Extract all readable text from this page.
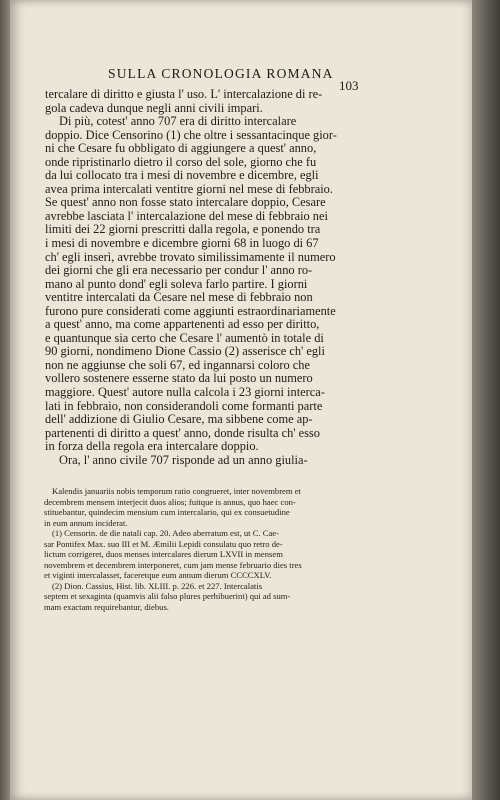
SULLA CRONOLOGIA ROMANA
103
tercalare di diritto e giusta l' uso. L' intercalazione di re-
gola cadeva dunque negli anni civili impari.
Di più, cotest' anno 707 era di diritto intercalare
doppio. Dice Censorino (1) che oltre i sessantacinque gior-
ni che Cesare fu obbligato di aggiungere a quest' anno,
onde ripristinarlo dietro il corso del sole, giorno che fu
da lui collocato tra i mesi di novembre e dicembre, egli
avea prima intercalati ventitre giorni nel mese di febbraio.
Se quest' anno non fosse stato intercalare doppio, Cesare
avrebbe lasciata l' intercalazione del mese di febbraio nei
limiti dei 22 giorni prescritti dalla regola, e ponendo tra
i mesi di novembre e dicembre giorni 68 in luogo di 67
ch' egli inserì, avrebbe trovato similissimamente il numero
dei giorni che gli era necessario per condur l' anno ro-
mano al punto dond' egli soleva farlo partire. I giorni
ventitre intercalati da Cesare nel mese di febbraio non
furono pure considerati come aggiunti estraordinariamente
a quest' anno, ma come appartenenti ad esso per diritto,
e quantunque sia certo che Cesare l' aumentò in totale di
90 giorni, nondimeno Dione Cassio (2) asserisce ch' egli
non ne aggiunse che soli 67, ed ingannarsi coloro che
vollero sostenere esserne stato da lui posto un numero
maggiore. Quest' autore nulla calcola i 23 giorni interca-
lati in febbraio, non considerandoli come formanti parte
dell' addizione di Giulio Cesare, ma sibbene come ap-
partenenti di diritto a quest' anno, donde risulta ch' esso
in forza della regola era intercalare doppio.
Ora, l' anno civile 707 risponde ad un anno giulia-
Kalendis januariis nobis temporum ratio congrueret, inter novembrem et
decembrem mensem interjecit duos alios; fuitque is annus, quo haec con-
stituebantur, quindecim mensium cum intercalario, qui ex consuetudine
in eum annum inciderat.
(1) Censorin. de die natali cap. 20. Adeo aberratum est, ut C. Cae-
sar Pontifex Max. suo III et M. Æmilii Lepidi consulatu quo retro de-
lictum corrigeret, duos menses intercalares dierum LXVII in mensem
novembrem et decembrem interponeret, cum jam mense februario dies tres
et viginti intercalasset, faceretque eum annum dierum CCCCXLV.
(2) Dion. Cassius, Hist. lib. XLIII. p. 226. et 227. Intercalatis
septem et sexaginta (quamvis alii falso plures perhibuerint) qui ad sum-
mam exactam requirebantur, diebus.
